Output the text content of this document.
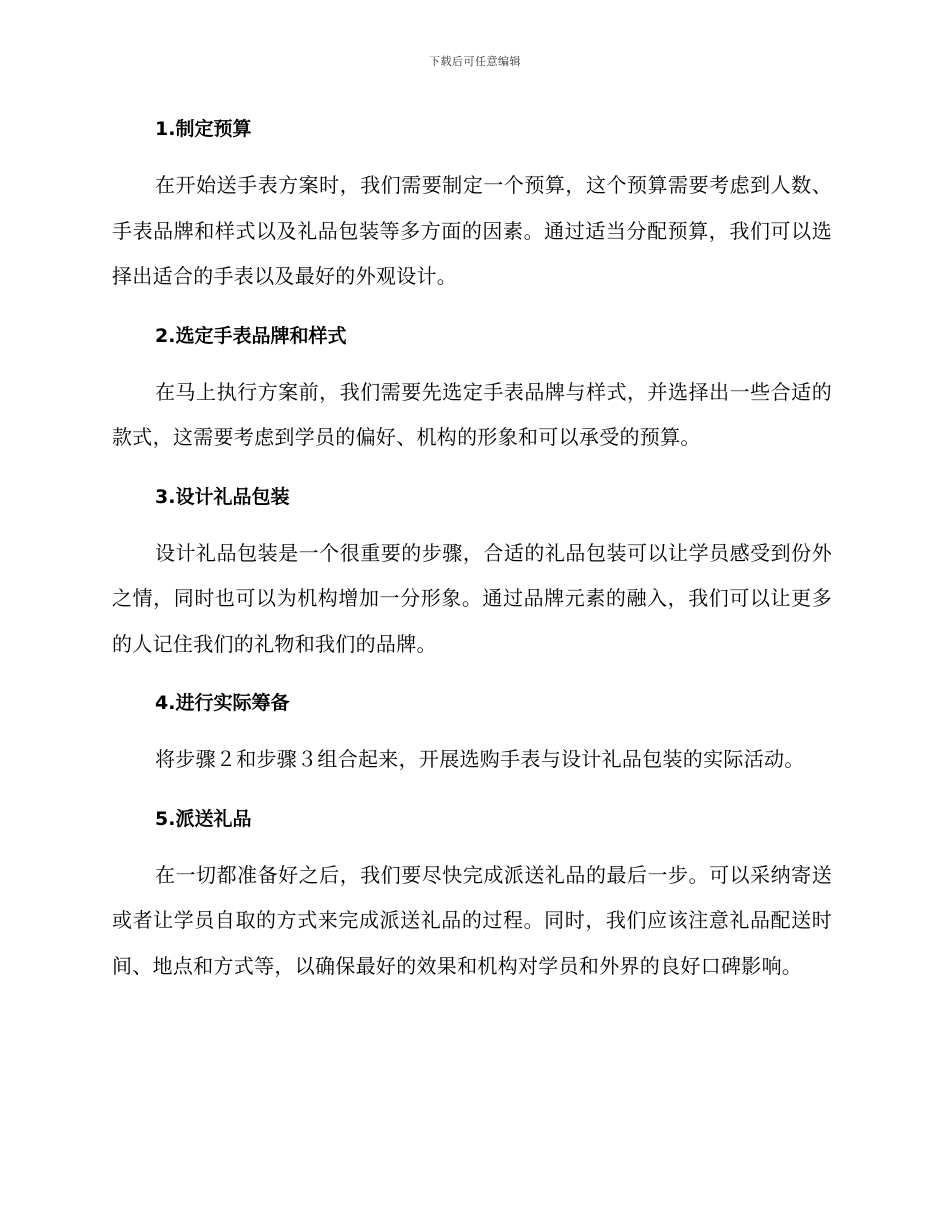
下载后可任意编辑
1.制定预算

在开始送手表方案时，我们需要制定一个预算，这个预算需要考虑到人数、手表品牌和样式以及礼品包装等多方面的因素。通过适当分配预算，我们可以选择出适合的手表以及最好的外观设计。

2.选定手表品牌和样式

在马上执行方案前，我们需要先选定手表品牌与样式，并选择出一些合适的款式，这需要考虑到学员的偏好、机构的形象和可以承受的预算。

3.设计礼品包装

设计礼品包装是一个很重要的步骤，合适的礼品包装可以让学员感受到份外之情，同时也可以为机构增加一分形象。通过品牌元素的融入，我们可以让更多的人记住我们的礼物和我们的品牌。

4.进行实际筹备

将步骤２和步骤３组合起来，开展选购手表与设计礼品包装的实际活动。

5.派送礼品

在一切都准备好之后，我们要尽快完成派送礼品的最后一步。可以采纳寄送或者让学员自取的方式来完成派送礼品的过程。同时，我们应该注意礼品配送时间、地点和方式等，以确保最好的效果和机构对学员和外界的良好口碑影响。
